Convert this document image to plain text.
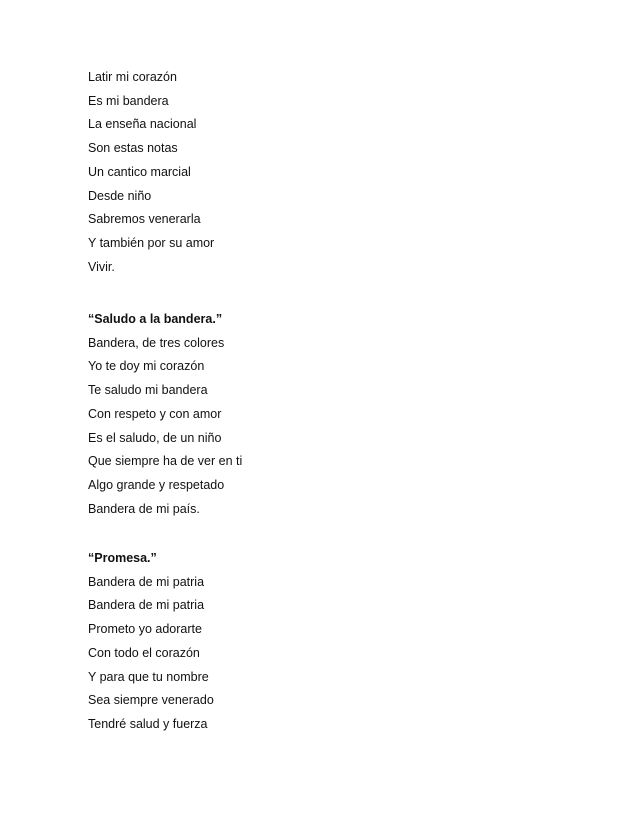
Latir mi corazón
Es mi bandera
La enseña nacional
Son estas notas
Un cantico marcial
Desde niño
Sabremos venerarla
Y también por su amor
Vivir.
“Saludo a la bandera.”
Bandera, de tres colores
Yo te doy mi corazón
Te saludo mi bandera
Con respeto y con amor
Es el saludo, de un niño
Que siempre ha de ver en ti
Algo grande y respetado
Bandera de mi país.
“Promesa.”
Bandera de mi patria
Bandera de mi patria
Prometo yo adorarte
Con todo el corazón
Y para que tu nombre
Sea siempre venerado
Tendré salud y fuerza
